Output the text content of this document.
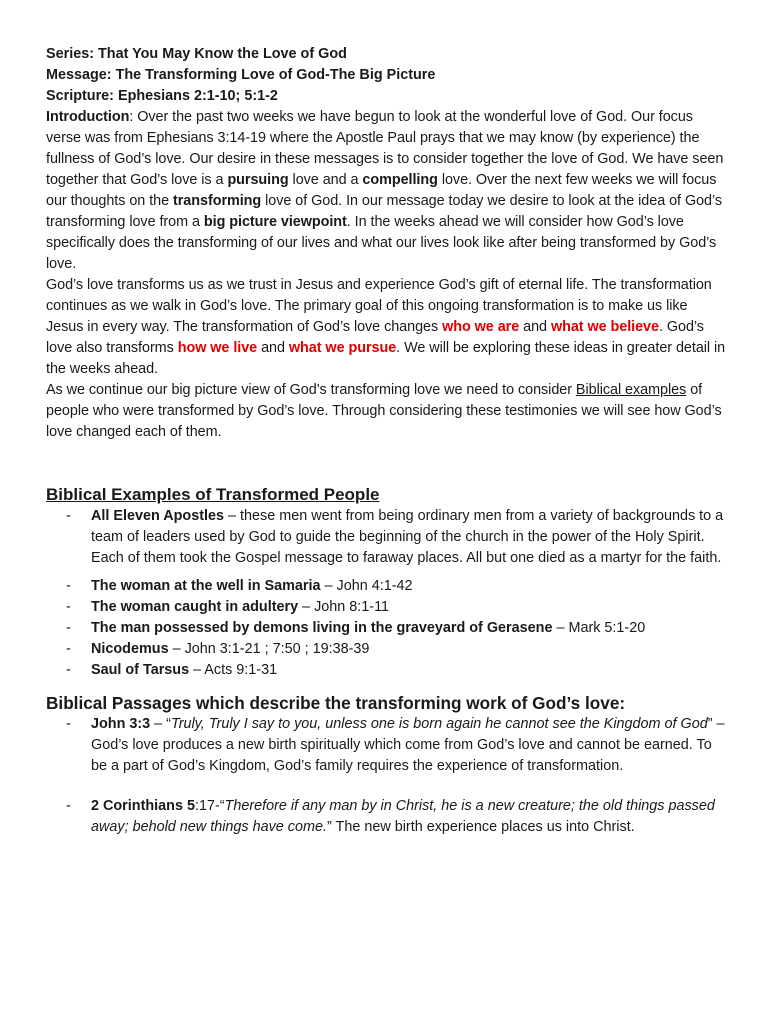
Series: That You May Know the Love of God

Message: The Transforming Love of God-The Big Picture

Scripture: Ephesians 2:1-10; 5:1-2

Introduction: Over the past two weeks we have begun to look at the wonderful love of God. Our focus verse was from Ephesians 3:14-19 where the Apostle Paul prays that we may know (by experience) the fullness of God’s love. Our desire in these messages is to consider together the love of God. We have seen together that God’s love is a pursuing love and a compelling love. Over the next few weeks we will focus our thoughts on the transforming love of God. In our message today we desire to look at the idea of God’s transforming love from a big picture viewpoint. In the weeks ahead we will consider how God’s love specifically does the transforming of our lives and what our lives look like after being transformed by God’s love.

God’s love transforms us as we trust in Jesus and experience God’s gift of eternal life. The transformation continues as we walk in God’s love. The primary goal of this ongoing transformation is to make us like Jesus in every way. The transformation of God’s love changes who we are and what we believe. God’s love also transforms how we live and what we pursue. We will be exploring these ideas in greater detail in the weeks ahead.

As we continue our big picture view of God’s transforming love we need to consider Biblical examples of people who were transformed by God’s love. Through considering these testimonies we will see how God’s love changed each of them.

Biblical Examples of Transformed People

- All Eleven Apostles – these men went from being ordinary men from a variety of backgrounds to a team of leaders used by God to guide the beginning of the church in the power of the Holy Spirit. Each of them took the Gospel message to faraway places. All but one died as a martyr for the faith.
- The woman at the well in Samaria – John 4:1-42
- The woman caught in adultery – John 8:1-11
- The man possessed by demons living in the graveyard of Gerasene – Mark 5:1-20
- Nicodemus – John 3:1-21 ; 7:50 ; 19:38-39
- Saul of Tarsus – Acts 9:1-31

Biblical Passages which describe the transforming work of God’s love:

- John 3:3 – “Truly, Truly I say to you, unless one is born again he cannot see the Kingdom of God” – God’s love produces a new birth spiritually which come from God’s love and cannot be earned. To be a part of God’s Kingdom, God’s family requires the experience of transformation.
- 2 Corinthians 5:17-“Therefore if any man by in Christ, he is a new creature; the old things passed away; behold new things have come.” The new birth experience places us into Christ.
